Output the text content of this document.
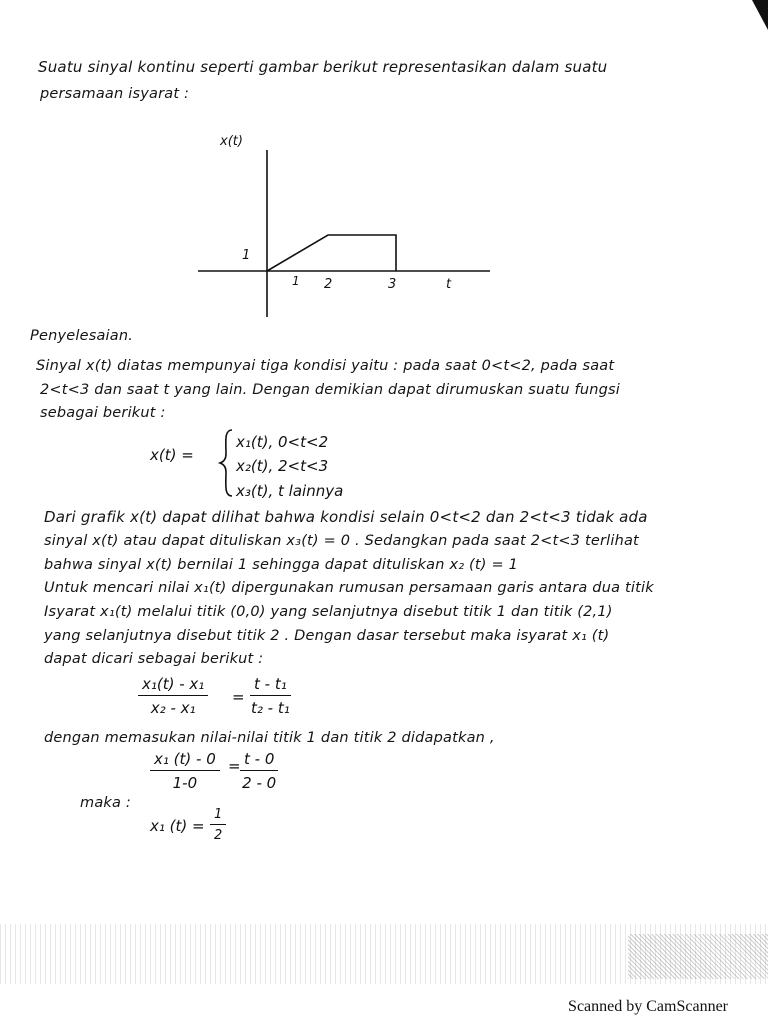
Suatu sinyal kontinu seperti gambar berikut representasikan dalam suatu
persamaan isyarat :
x(t)
1
1 2	3	t
Penyelesaian.
Sinyal x(t) diatas mempunyai tiga kondisi yaitu : pada saat 0<t<2, pada saat
2<t<3 dan saat t yang lain. Dengan demikian dapat dirumuskan suatu fungsi
sebagai berikut :
x(t) =
x₁(t), 0<t<2
x₂(t), 2<t<3
x₃(t), t lainnya
Dari grafik x(t) dapat dilihat bahwa kondisi selain 0<t<2 dan 2<t<3 tidak ada
sinyal x(t) atau dapat dituliskan x₃(t) = 0 . Sedangkan pada saat 2<t<3 terlihat
bahwa sinyal x(t) bernilai 1 sehingga dapat dituliskan x₂ (t) = 1
Untuk mencari nilai x₁(t) dipergunakan rumusan persamaan garis antara dua titik
Isyarat x₁(t) melalui titik (0,0) yang selanjutnya disebut titik 1 dan titik (2,1)
yang selanjutnya disebut titik 2 . Dengan dasar tersebut maka isyarat x₁ (t)
dapat dicari sebagai berikut :
$\frac{\text{x₁(t) - x₁}}{\text{x₂ - x₁}} = \frac{\text{t - t₁}}{\text{t₂ - t₁}}$
dengan memasukan nilai-nilai titik 1 dan titik 2 didapatkan ,
$\frac{\text{x₁ (t) - 0}}{1-0} = \frac{t - 0}{2 - 0}$
maka :
x₁ $(t) = \frac{1}{2}$
Scanned by CamScanner
